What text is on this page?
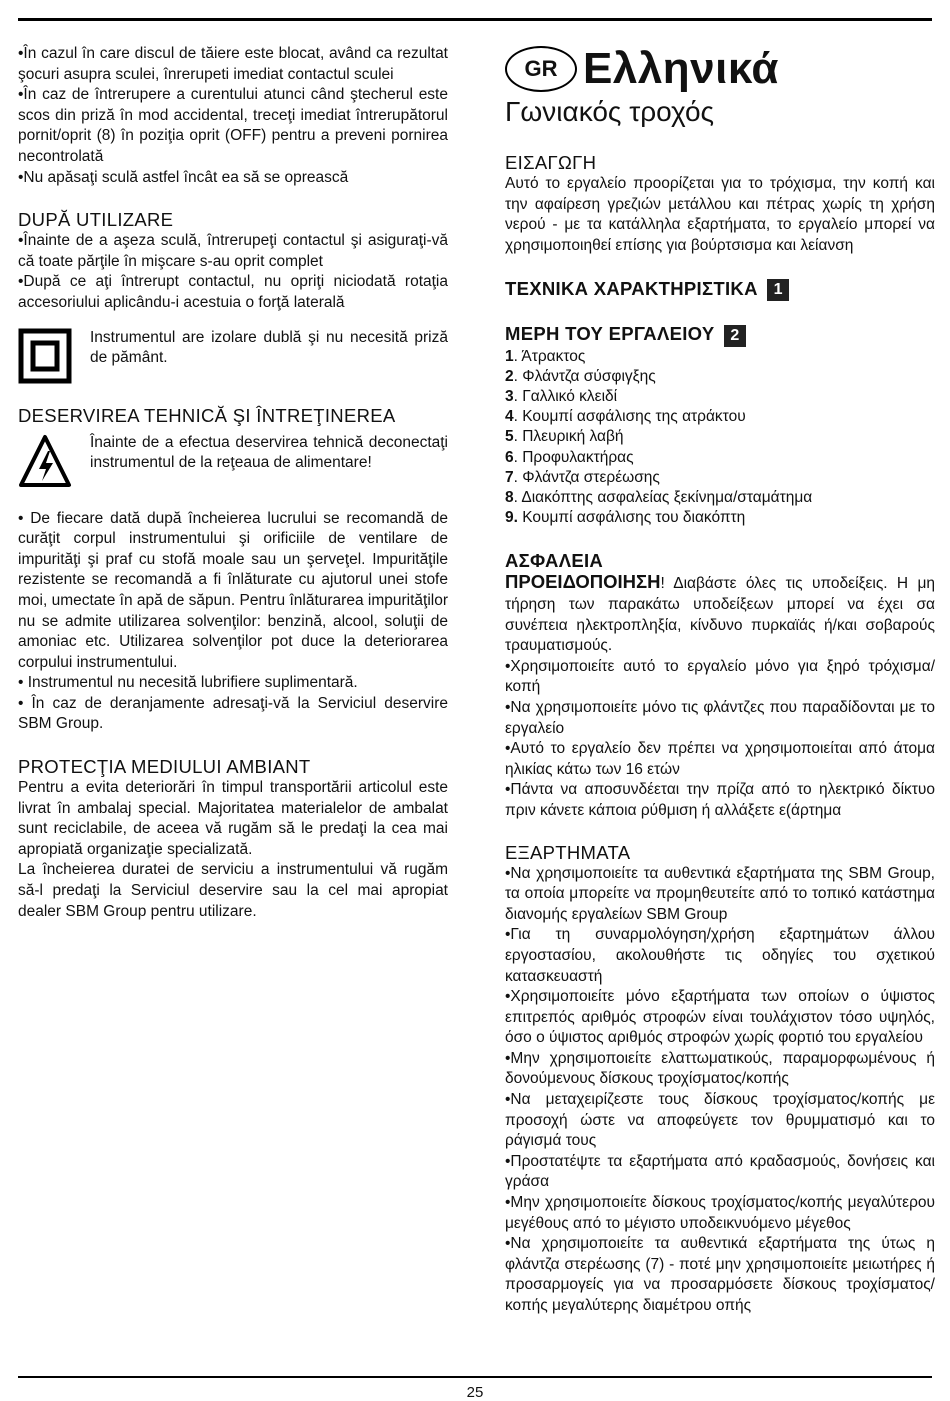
•În cazul în care discul de tăiere este blocat, având ca rezultat şocuri asupra sculei, înrerupeti imediat contactul sculei

•În caz de întrerupere a curentului atunci când ştecherul este scos din priză în mod accidental, treceţi imediat întrerupătorul pornit/oprit (8) în poziţia oprit (OFF) pentru a preveni pornirea necontrolată

•Nu apăsaţi sculă astfel încât ea să se oprească

DUPĂ UTILIZARE

•Înainte de a aşeza sculă, întrerupeţi contactul şi asiguraţi-vă că toate părţile în mişcare s-au oprit complet

•După ce aţi întrerupt contactul, nu opriţi niciodată rotaţia accesoriului aplicându-i acestuia o forţă laterală

Instrumentul are izolare dublă şi nu necesită priză de pământ.

DESERVIREA TEHNICĂ ŞI ÎNTREŢINEREA

Înainte de a efectua deservirea tehnică deconectaţi instrumentul de la reţeaua de alimentare!

• De fiecare dată după încheierea lucrului se recomandă de curăţit corpul instrumentului şi orificiile de ventilare de impurităţi şi praf cu stofă moale sau un şerveţel. Impurităţile rezistente se recomandă a fi înlăturate cu ajutorul unei stofe moi, umectate în apă de săpun. Pentru înlăturarea impurităţilor nu se admite utilizarea solvenţilor: benzină, alcool, soluţii de amoniac etc. Utilizarea solvenţilor pot duce la deteriorarea corpului instrumentului.

• Instrumentul nu necesită lubrifiere suplimentară.

• În caz de deranjamente adresaţi-vă la Serviciul deservire SBM Group.

PROTECŢIA MEDIULUI AMBIANT

Pentru a evita deteriorări în timpul transportării articolul este livrat în ambalaj special. Majoritatea materialelor de ambalat sunt reciclabile, de aceea vă rugăm să le predaţi la cea mai apropiată organizaţie specializată.

La încheierea duratei de serviciu a instrumentului vă rugăm să-l predaţi la Serviciul deservire sau la cel mai apropiat dealer SBM Group pentru utilizare.

GR Ελληνικά
Γωνιακός τροχός
ΕΙΣΑΓΩΓΗ

Αυτό το εργαλείο προορίζεται για το τρόχισμα, την κοπή και την αφαίρεση γρεζιών μετάλλου και πέτρας χωρίς τη χρήση νερού - με τα κατάλληλα εξαρτήματα, το εργαλείο μπορεί να χρησιμοποιηθεί επίσης για βούρτσισμα και λείανση

ΤΕΧΝΙΚΑ ΧΑΡΑΚΤΗΡΙΣΤΙΚΑ 1
ΜΕΡΗ ΤΟΥ ΕΡΓΑΛΕΙΟΥ 2
1. Άτρακτος
2. Φλάντζα σύσφιγξης
3. Γαλλικό κλειδί
4. Κουμπί ασφάλισης της ατράκτου
5. Πλευρική λαβή
6. Προφυλακτήρας
7. Φλάντζα στερέωσης
8. Διακόπτης ασφαλείας ξεκίνημα/σταμάτημα
9. Κουμπί ασφάλισης του διακόπτη
ΑΣΦΑΛΕΙΑ

ΠΡΟΕΙΔΟΠΟΙΗΣΗ! Διαβάστε όλες τις υποδείξεις. Η μη τήρηση των παρακάτω υποδείξεων μπορεί να έχει σα συνέπεια ηλεκτροπληξία, κίνδυνο πυρκαϊάς ή/και σοβαρούς τραυματισμούς.

•Χρησιμοποιείτε αυτό το εργαλείο μόνο για ξηρό τρόχισμα/κοπή

•Να χρησιμοποιείτε μόνο τις φλάντζες που παραδίδονται με το εργαλείο

•Αυτό το εργαλείο δεν πρέπει να χρησιμοποιείται από άτομα ηλικίας κάτω των 16 ετών

•Πάντα να αποσυνδέεται την πρίζα από το ηλεκτρικό δίκτυο πριν κάνετε κάποια ρύθμιση ή αλλάξετε ε(άρτημα

ΕΞΑΡΤΗΜΑΤΑ

•Να χρησιμοποιείτε τα αυθεντικά εξαρτήματα της SBM Group, τα οποία μπορείτε να προμηθευτείτε από το τοπικό κατάστημα διανομής εργαλείων SBM Group

•Για τη συναρμολόγηση/χρήση εξαρτημάτων άλλου εργοστασίου, ακολουθήστε τις οδηγίες του σχετικού κατασκευαστή

•Χρησιμοποιείτε μόνο εξαρτήματα των οποίων ο ύψιστος επιτρεπός αριθμός στροφών είναι τουλάχιστον τόσο υψηλός, όσο ο ύψιστος αριθμός στροφών χωρίς φορτιό του εργαλείου

•Μην χρησιμοποιείτε ελαττωματικούς, παραμορφωμένους ή δονούμενους δίσκους τροχίσματος/κοπής

•Να μεταχειρίζεστε τους δίσκους τροχίσματος/κοπής με προσοχή ώστε να αποφεύγετε τον θρυμματισμό και το ράγισμά τους

•Προστατέψτε τα εξαρτήματα από κραδασμούς, δονήσεις και γράσα

•Μην χρησιμοποιείτε δίσκους τροχίσματος/κοπής μεγαλύτερου μεγέθους από το μέγιστο υποδεικνυόμενο μέγεθος

•Να χρησιμοποιείτε τα αυθεντικά εξαρτήματα της ύτως η φλάντζα στερέωσης (7) - ποτέ μην χρησιμοποιείτε μειωτήρες ή προσαρμογείς για να προσαρμόσετε δίσκους τροχίσματος/κοπής μεγαλύτερης διαμέτρου οπής

25
